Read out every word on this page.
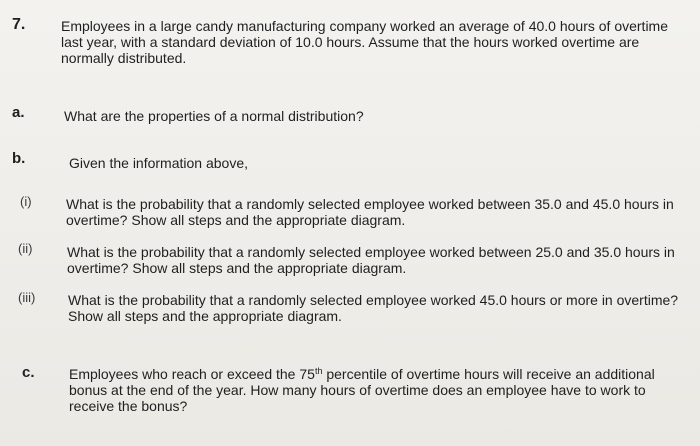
7.	Employees in a large candy manufacturing company worked an average of 40.0 hours of overtime last year, with a standard deviation of 10.0 hours. Assume that the hours worked overtime are normally distributed.
a.	What are the properties of a normal distribution?
b.	Given the information above,
(i) What is the probability that a randomly selected employee worked between 35.0 and 45.0 hours in overtime? Show all steps and the appropriate diagram.
(ii) What is the probability that a randomly selected employee worked between 25.0 and 35.0 hours in overtime? Show all steps and the appropriate diagram.
(iii) What is the probability that a randomly selected employee worked 45.0 hours or more in overtime? Show all steps and the appropriate diagram.
c. Employees who reach or exceed the 75th percentile of overtime hours will receive an additional bonus at the end of the year. How many hours of overtime does an employee have to work to receive the bonus?
